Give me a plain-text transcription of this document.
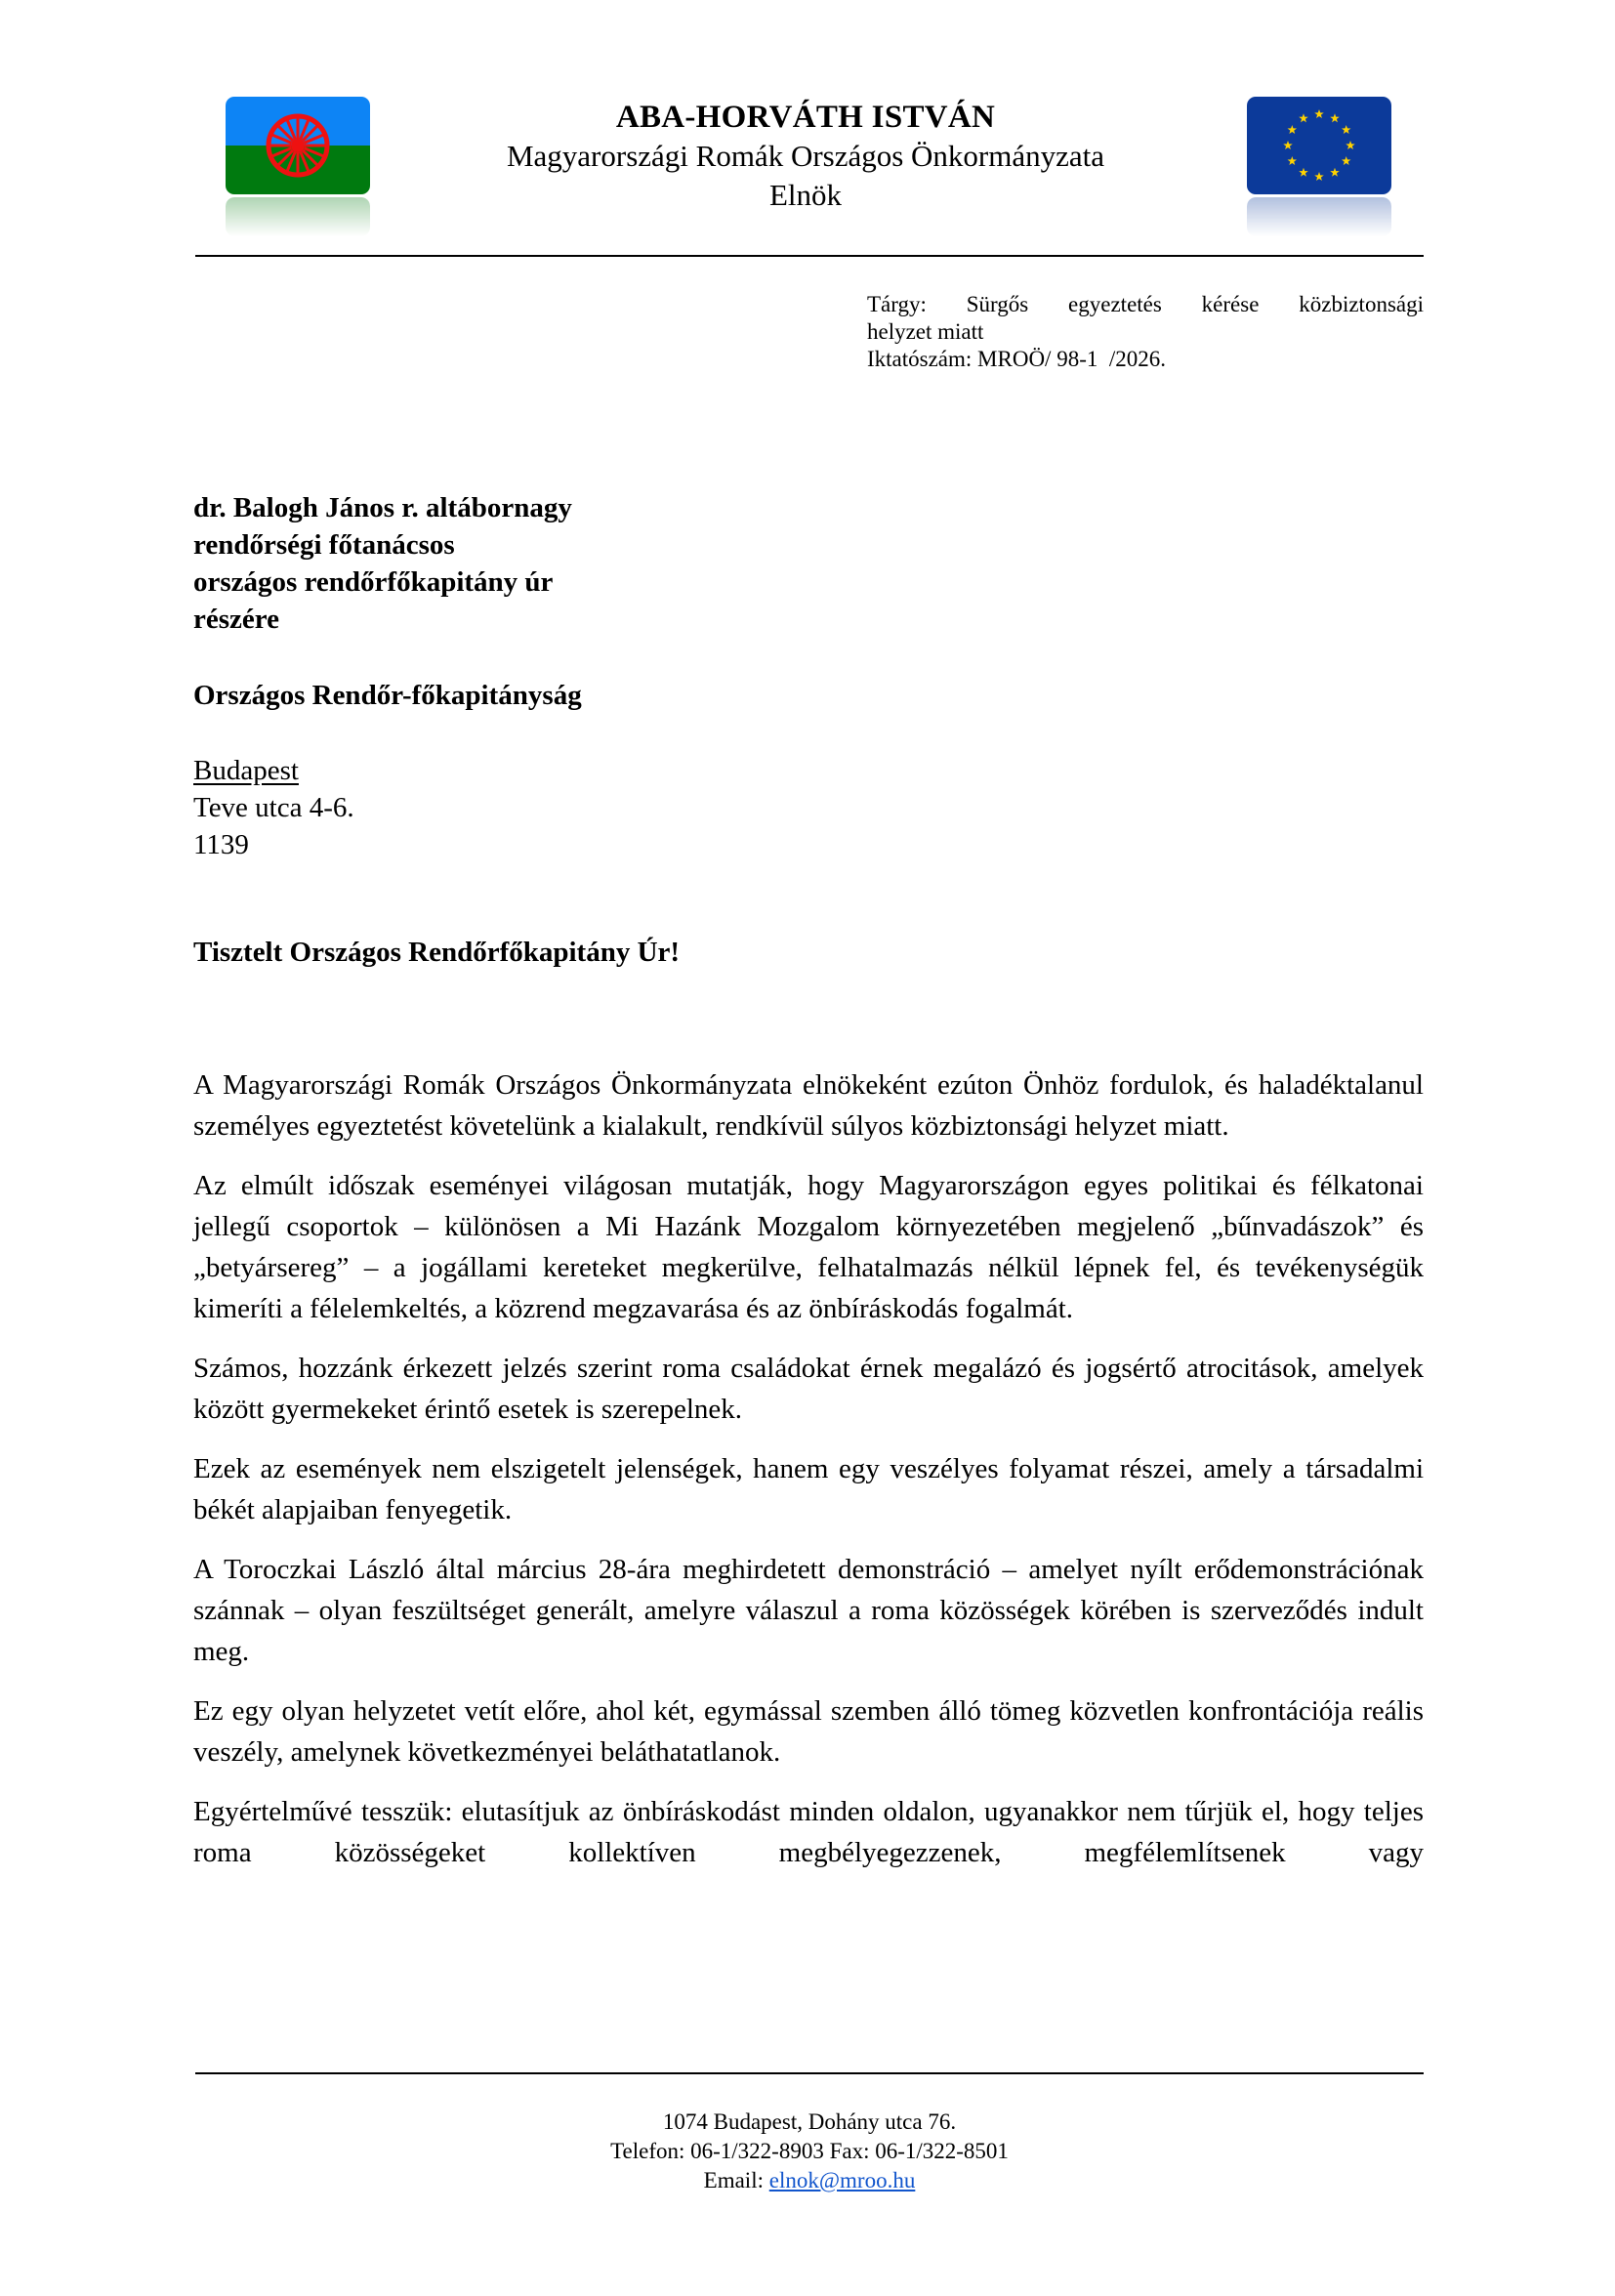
ABA-HORVÁTH ISTVÁN
Magyarországi Romák Országos Önkormányzata
Elnök
Tárgy: Sürgős egyeztetés kérése közbiztonsági
helyzet miatt
Iktatószám: MROÖ/ 98-1  /2026.
dr. Balogh János r. altábornagy
rendőrségi főtanácsos
országos rendőrfőkapitány úr
részére
Országos Rendőr-főkapitányság
Budapest
Teve utca 4-6.
1139
Tisztelt Országos Rendőrfőkapitány Úr!

A Magyarországi Romák Országos Önkormányzata elnökeként ezúton Önhöz fordulok, és haladéktalanul személyes egyeztetést követelünk a kialakult, rendkívül súlyos közbiztonsági helyzet miatt.

Az elmúlt időszak eseményei világosan mutatják, hogy Magyarországon egyes politikai és félkatonai jellegű csoportok – különösen a Mi Hazánk Mozgalom környezetében megjelenő „bűnvadászok” és „betyársereg” – a jogállami kereteket megkerülve, felhatalmazás nélkül lépnek fel, és tevékenységük kimeríti a félelemkeltés, a közrend megzavarása és az önbíráskodás fogalmát.

Számos, hozzánk érkezett jelzés szerint roma családokat érnek megalázó és jogsértő atrocitások, amelyek között gyermekeket érintő esetek is szerepelnek.

Ezek az események nem elszigetelt jelenségek, hanem egy veszélyes folyamat részei, amely a társadalmi békét alapjaiban fenyegetik.

A Toroczkai László által március 28-ára meghirdetett demonstráció – amelyet nyílt erődemonstrációnak szánnak – olyan feszültséget generált, amelyre válaszul a roma közösségek körében is szerveződés indult meg.

Ez egy olyan helyzetet vetít előre, ahol két, egymással szemben álló tömeg közvetlen konfrontációja reális veszély, amelynek következményei beláthatatlanok.

Egyértelművé tesszük: elutasítjuk az önbíráskodást minden oldalon, ugyanakkor nem tűrjük el, hogy teljes roma közösségeket kollektíven megbélyegezzenek, megfélemlítsenek vagy

1074 Budapest, Dohány utca 76.
Telefon: 06-1/322-8903 Fax: 06-1/322-8501
Email: elnok@mroo.hu
